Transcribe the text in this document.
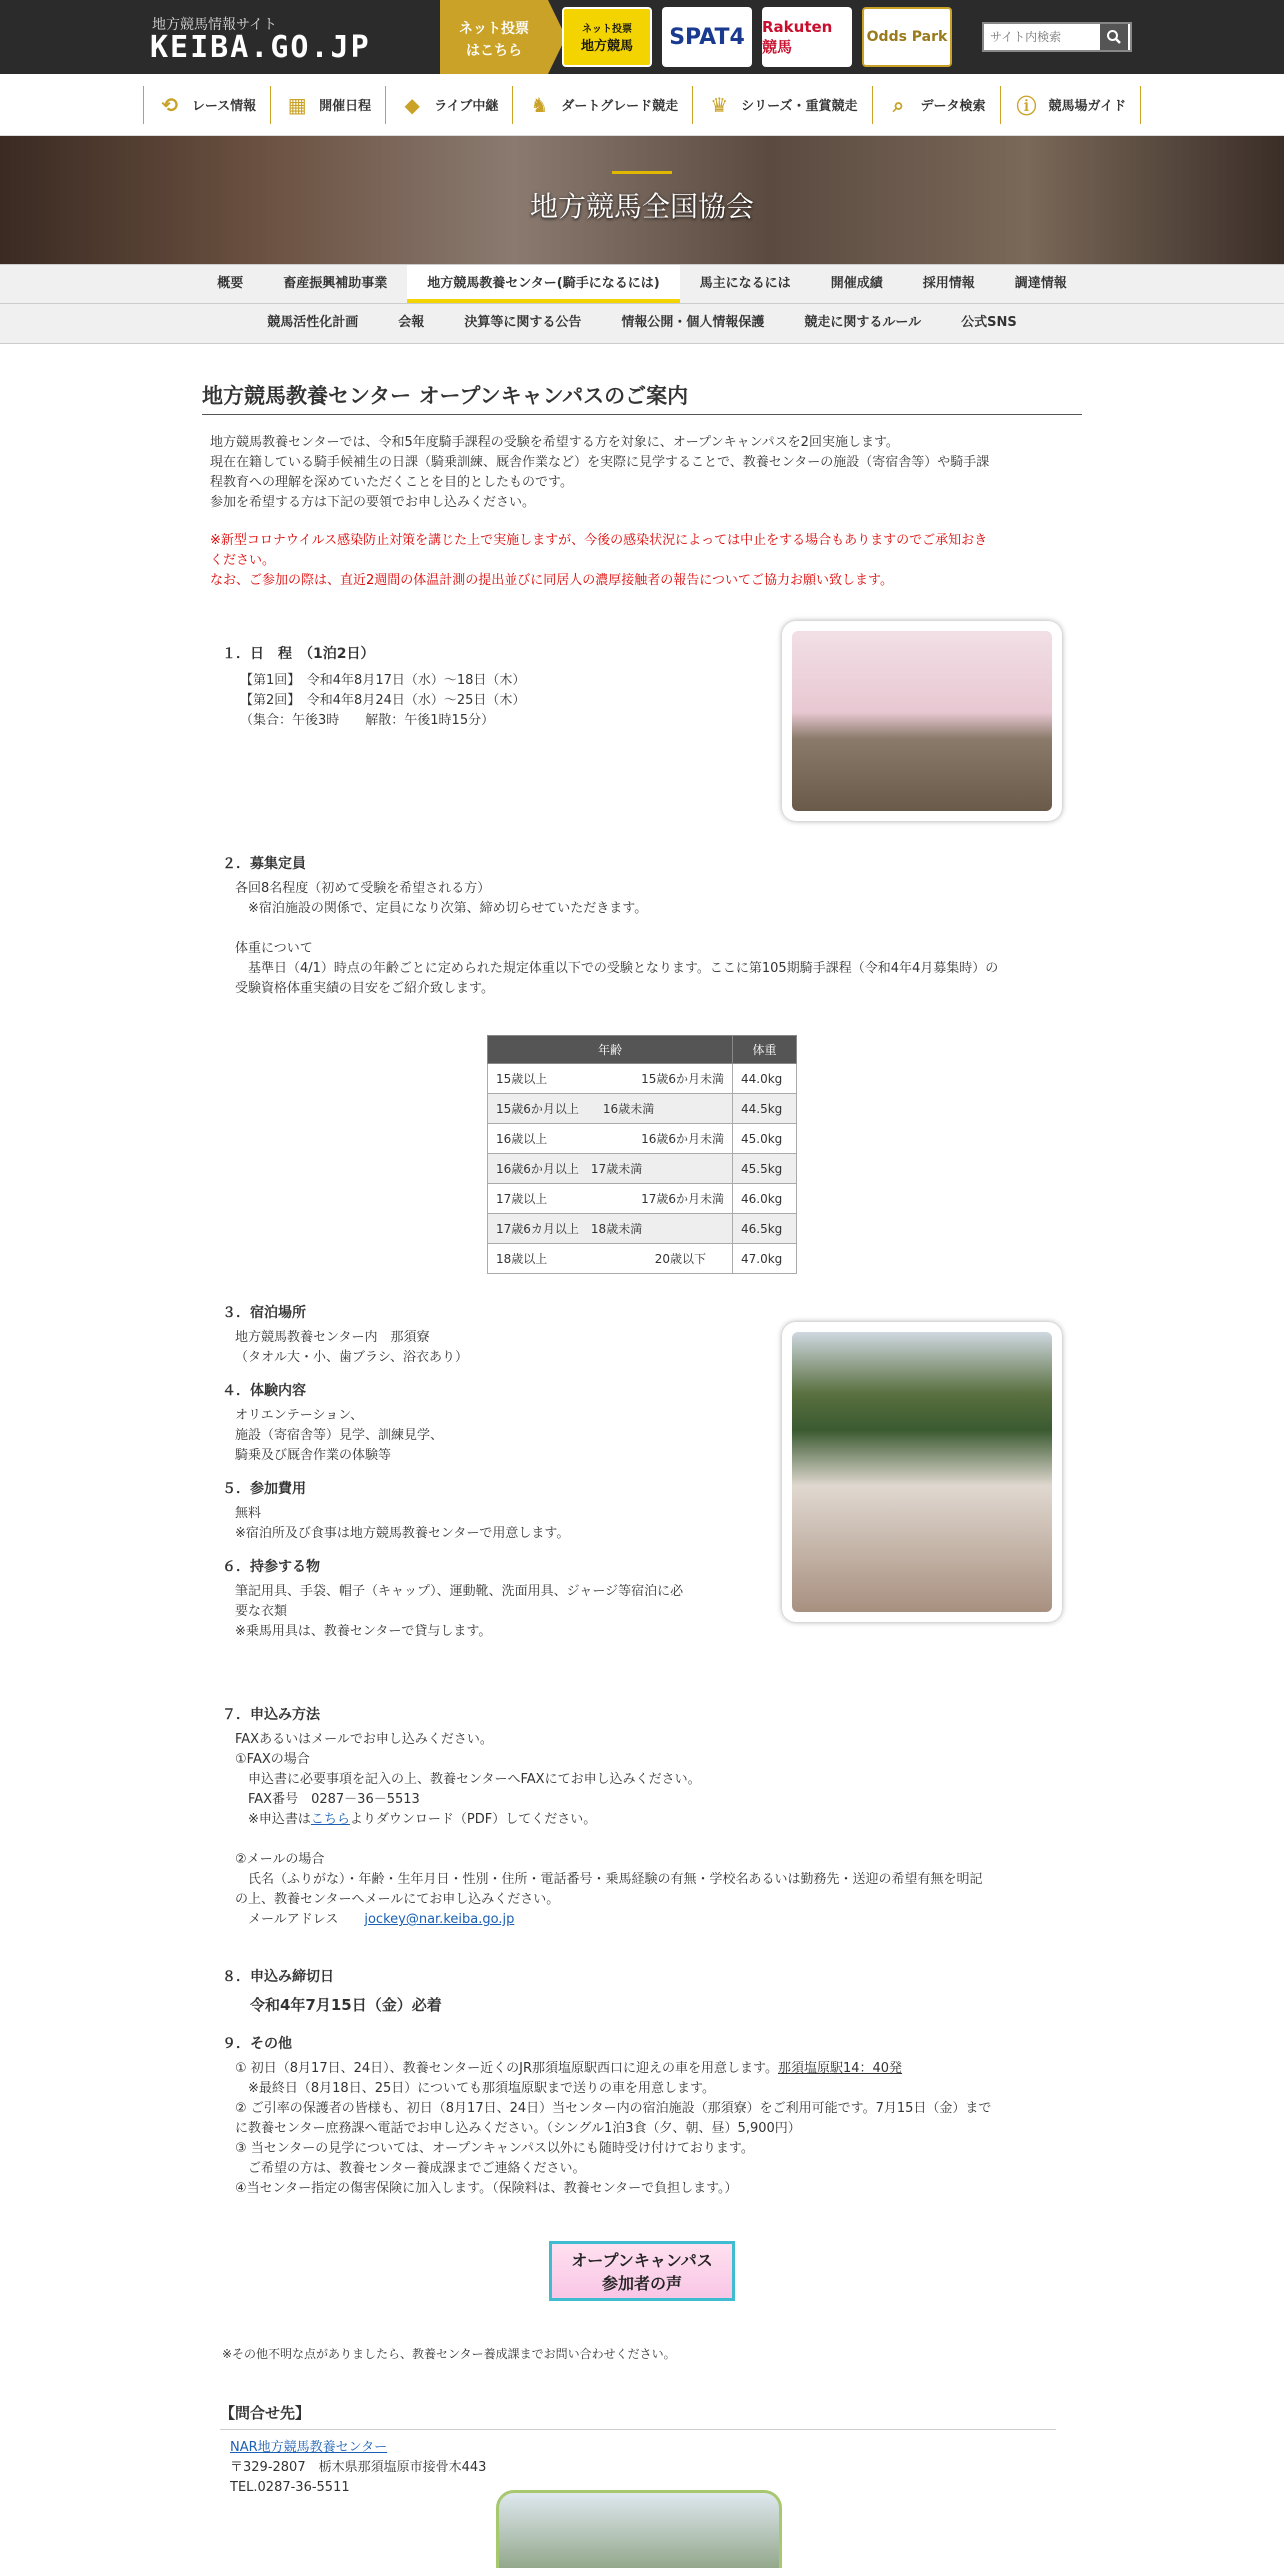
地方競馬情報サイト
KEIBA.GO.JP
ネット投票
はこちら
ネット投票
地方競馬	SPAT4	Rakuten 競馬
Odds Park
サイト内検索
⟲ レース情報 ▦ 開催日程 ◆	ライブ中継 ♞ ダートグレード競走 ♛ シリーズ・重賞競走	⌕	データ検索 ⓘ 競馬場ガイド
地方競馬全国協会
概要	畜産振興補助事業	地方競馬教養センター(騎手になるには)	馬主になるには	開催成績	採用情報	調達情報
競馬活性化計画	会報	決算等に関する公告	情報公開・個人情報保護	競走に関するルール	公式SNS
地方競馬教養センター オープンキャンパスのご案内
地方競馬教養センターでは、令和5年度騎手課程の受験を希望する方を対象に、オープンキャンパスを2回実施します。
現在在籍している騎手候補生の日課（騎乗訓練、厩舎作業など）を実際に見学することで、教養センターの施設（寄宿舎等）や騎手課
程教育への理解を深めていただくことを目的としたものです。
参加を希望する方は下記の要領でお申し込みください。
※新型コロナウイルス感染防止対策を講じた上で実施しますが、今後の感染状況によっては中止をする場合もありますのでご承知おき
ください。
なお、ご参加の際は、直近2週間の体温計測の提出並びに同居人の濃厚接触者の報告についてご協力お願い致します。
１．日　程　（1泊2日）
【第1回】　令和4年8月17日（水）～18日（木）
【第2回】　令和4年8月24日（水）～25日（木）
（集合：午後3時　　解散：午後1時15分）
２．募集定員
各回8名程度（初めて受験を希望される方）
　※宿泊施設の関係で、定員になり次第、締め切らせていただきます。
体重について
　基準日（4/1）時点の年齢ごとに定められた規定体重以下での受験となります。ここに第105期騎手課程（令和4年4月募集時）の
受験資格体重実績の目安をご紹介致します。
年齢	体重
15歳以上 15歳6か月未満	44.0kg
15歳6か月以上　　 16歳未満	44.5kg
16歳以上 16歳6か月未満	45.0kg
16歳6か月以上　 17歳未満	45.5kg
17歳以上 17歳6か月未満	46.0kg
17歳6カ月以上　 18歳未満	46.5kg
18歳以上 20歳以下	47.0kg
３．宿泊場所
地方競馬教養センター内　那須寮
（タオル大・小、歯ブラシ、浴衣あり）
４．体験内容
オリエンテーション、
施設（寄宿舎等）見学、訓練見学、
騎乗及び厩舎作業の体験等
５．参加費用
無料
※宿泊所及び食事は地方競馬教養センターで用意します。
６．持参する物
筆記用具、手袋、帽子（キャップ）、運動靴、洗面用具、ジャージ等宿泊に必
要な衣類
※乗馬用具は、教養センターで貸与します。
７．申込み方法
FAXあるいはメールでお申し込みください。
①FAXの場合
　申込書に必要事項を記入の上、教養センターへFAXにてお申し込みください。
　FAX番号　0287－36－5513
　※申込書はこちらよりダウンロード（PDF）してください。
②メールの場合
　氏名（ふりがな）・年齢・生年月日・性別・住所・電話番号・乗馬経験の有無・学校名あるいは勤務先・送迎の希望有無を明記
の上、教養センターへメールにてお申し込みください。
　メールアドレス　　jockey@nar.keiba.go.jp
８．申込み締切日
令和4年7月15日（金）必着
９．その他
① 初日（8月17日、24日）、教養センター近くのJR那須塩原駅西口に迎えの車を用意します。那須塩原駅14：40発
　※最終日（8月18日、25日）についても那須塩原駅まで送りの車を用意します。
② ご引率の保護者の皆様も、初日（8月17日、24日）当センター内の宿泊施設（那須寮）をご利用可能です。7月15日（金）まで
に教養センター庶務課へ電話でお申し込みください。（シングル1泊3食（夕、朝、昼）5,900円）
③ 当センターの見学については、オープンキャンパス以外にも随時受け付けております。
　ご希望の方は、教養センター養成課までご連絡ください。
④当センター指定の傷害保険に加入します。（保険料は、教養センターで負担します。）
オープンキャンパス
参加者の声
※その他不明な点がありましたら、教養センター養成課までお問い合わせください。
【問合せ先】
NAR地方競馬教養センター
〒329-2807　栃木県那須塩原市接骨木443
TEL.0287-36-5511
